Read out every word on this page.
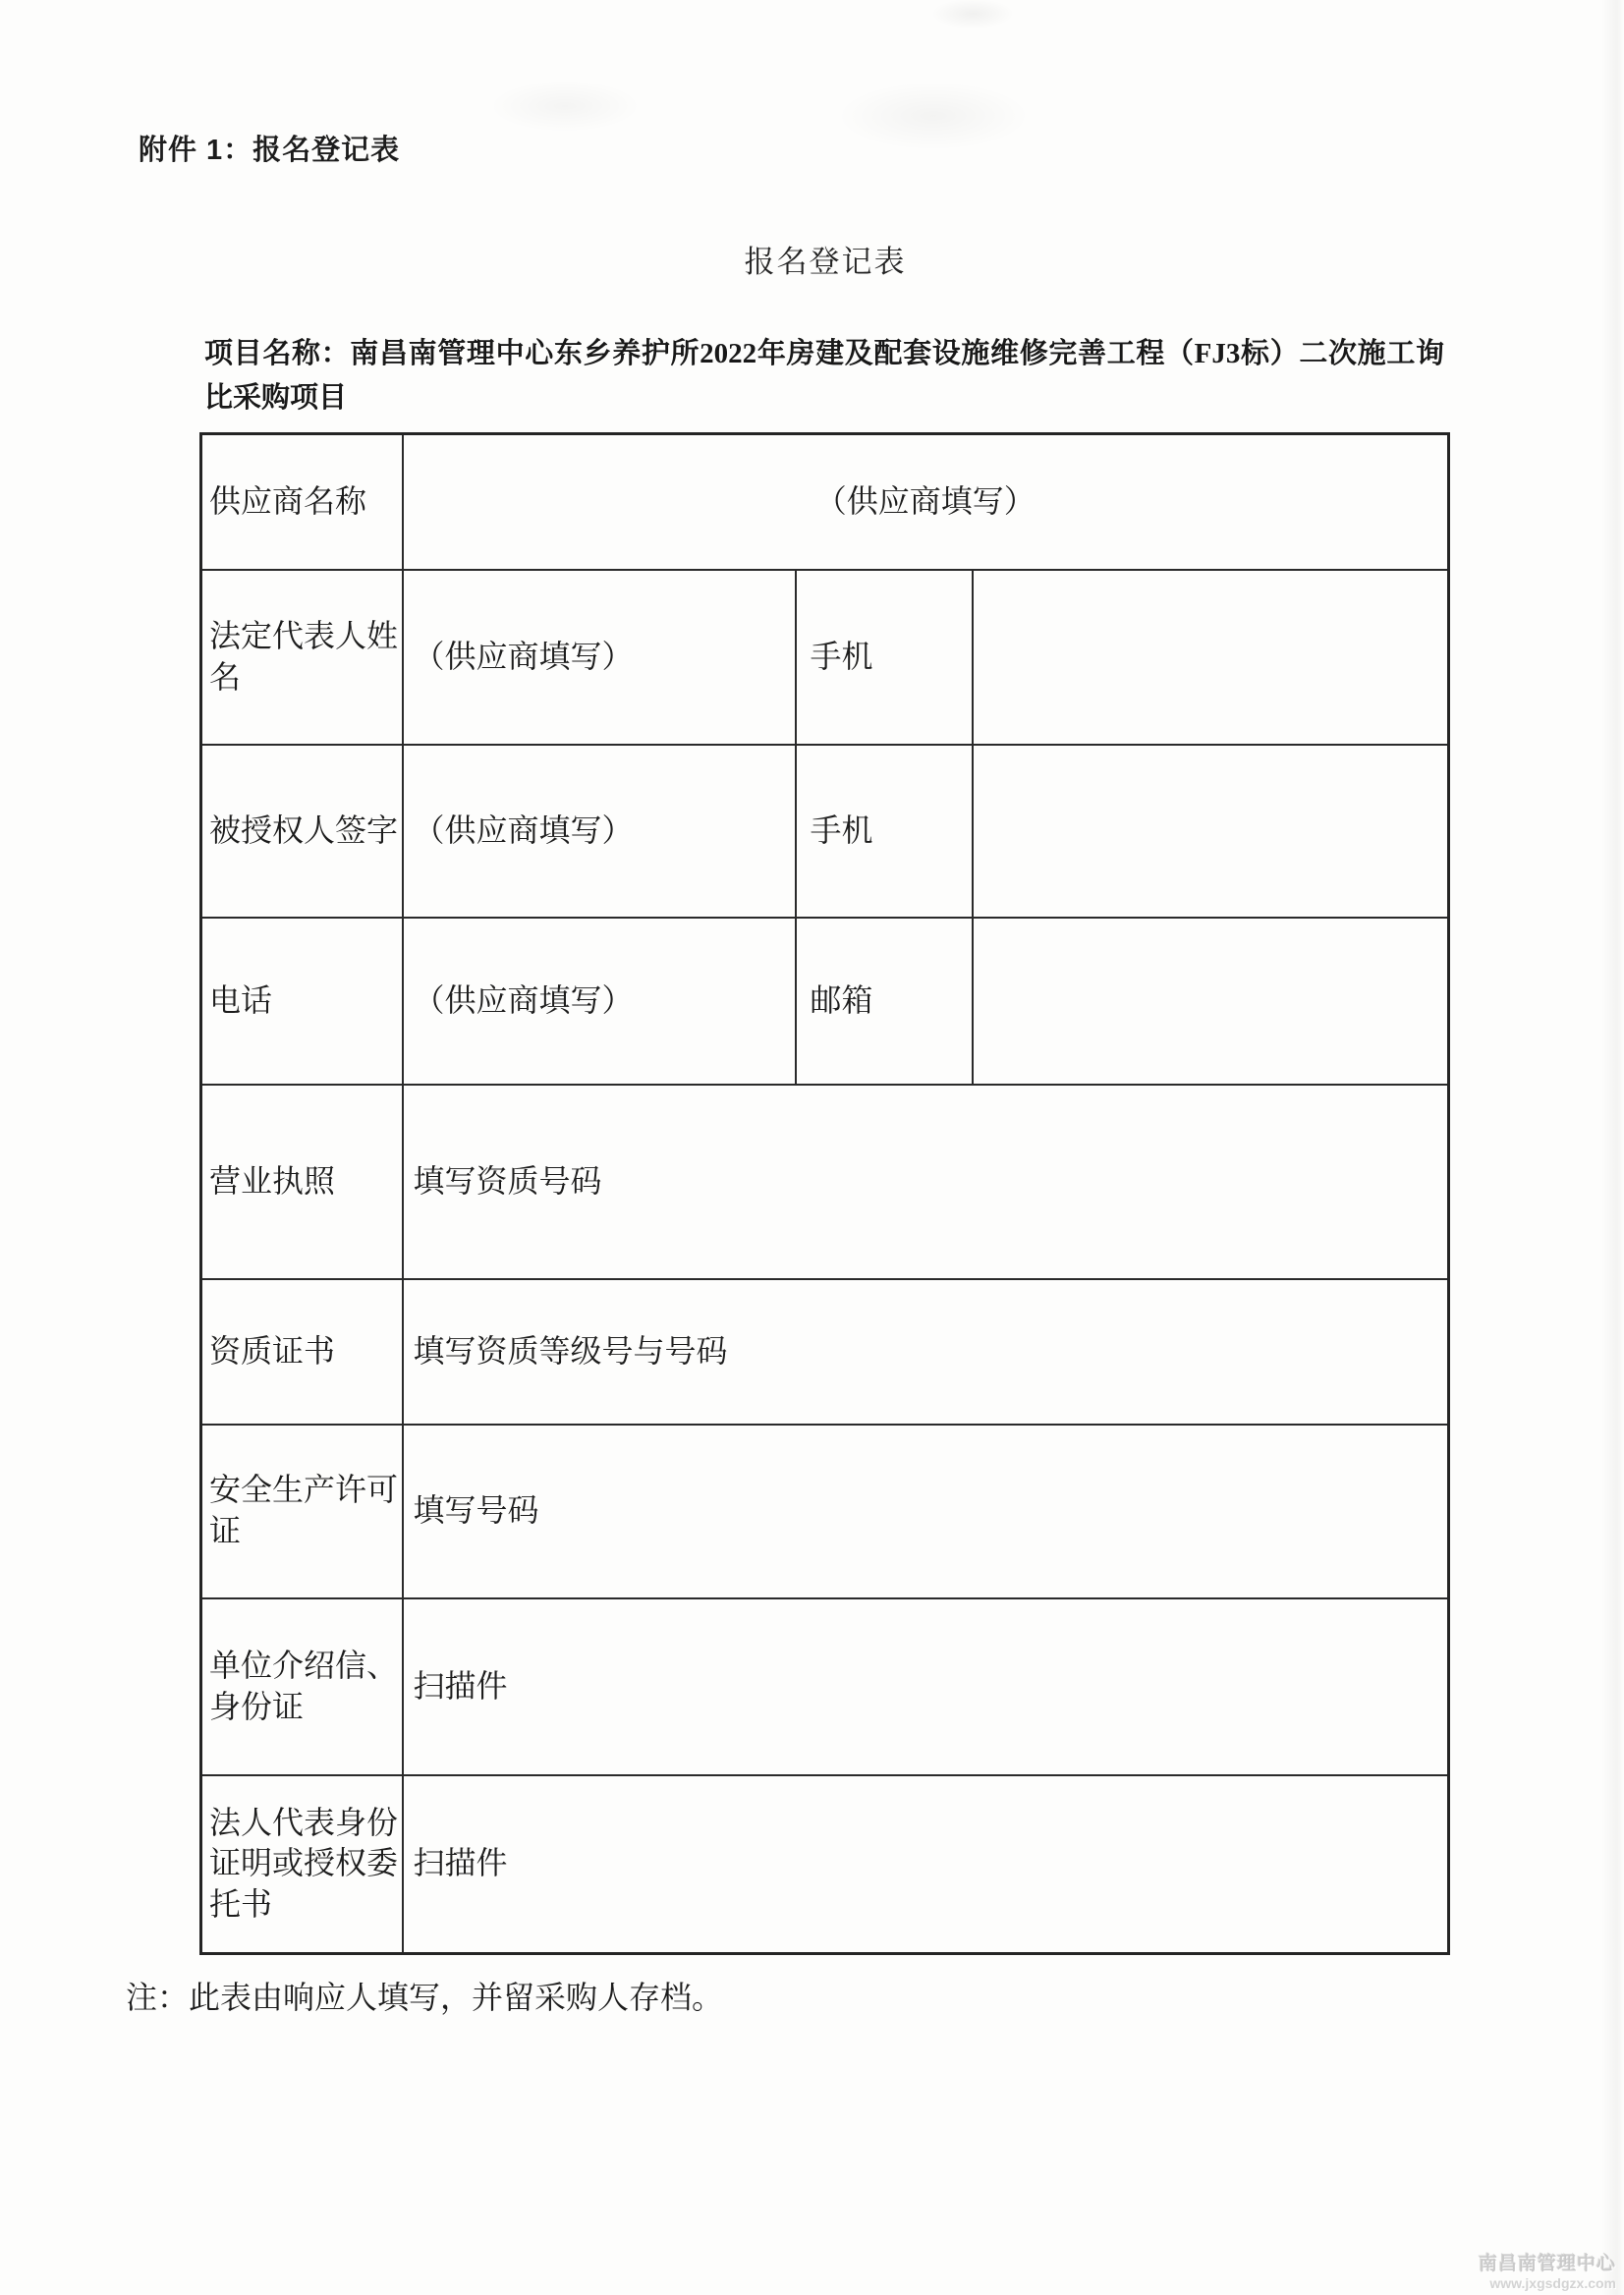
附件 1：报名登记表
报名登记表
项目名称：南昌南管理中心东乡养护所2022年房建及配套设施维修完善工程（FJ3标）二次施工询比采购项目
供应商名称	（供应商填写）		
法定代表人姓名	（供应商填写）	手机	
被授权人签字	（供应商填写）	手机	
电话	（供应商填写）	邮箱	
营业执照	填写资质号码		
资质证书	填写资质等级号与号码		
安全生产许可证	填写号码		
单位介绍信、身份证	扫描件		
法人代表身份证明或授权委托书	扫描件		
注：此表由响应人填写，并留采购人存档。
南昌南管理中心
www.jxgsdgzx.com
